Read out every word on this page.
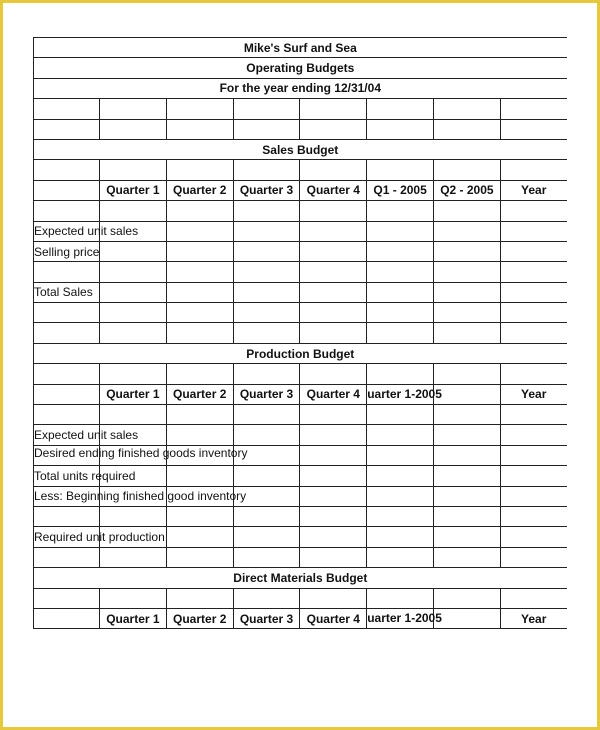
Mike's Surf and Sea							
Operating Budgets							
For the year ending 12/31/04							

Sales Budget							

	Quarter 1	Quarter 2	Quarter 3	Quarter 4	Q1 - 2005	Q2 - 2005	Year

Expected unit sales							
Selling price							

Total Sales							

Production Budget							

	Quarter 1	Quarter 2	Quarter 3	Quarter 4	uarter 1-2005		Year

Expected unit sales							
Desired ending finished goods inventory							
Total units required							
Less: Beginning finished good inventory							

Required unit production							

Direct Materials Budget							

	Quarter 1	Quarter 2	Quarter 3	Quarter 4	uarter 1-2005		Year
